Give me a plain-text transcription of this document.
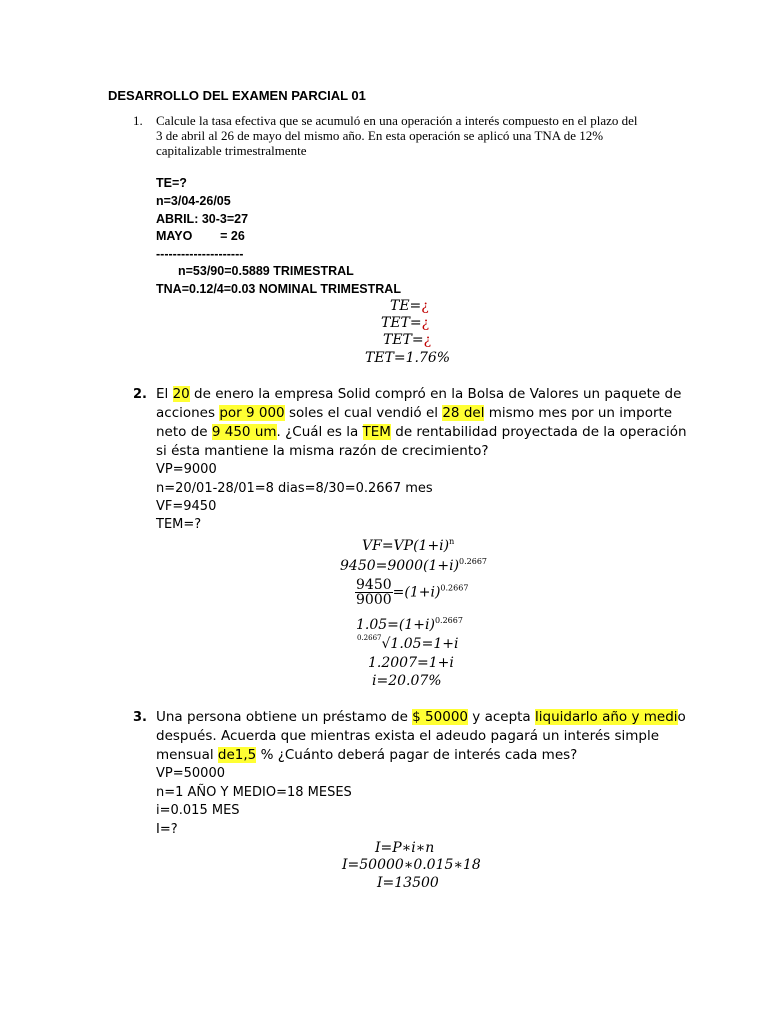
DESARROLLO DEL EXAMEN PARCIAL 01
1. Calcule la tasa efectiva que se acumuló en una operación a interés compuesto en el plazo del
3 de abril al 26 de mayo del mismo año. En esta operación se aplicó una TNA de 12%
capitalizable trimestralmente
TE=?
n=3/04-26/05
ABRIL: 30-3=27
MAYO        = 26
---------------------
n=53/90=0.5889 TRIMESTRAL
TNA=0.12/4=0.03 NOMINAL TRIMESTRAL
TE=¿
TET=¿
TET=¿
TET=1.76%
2. El 20 de enero la empresa Solid compró en la Bolsa de Valores un paquete de
acciones por 9 000 soles el cual vendió el 28 del mismo mes por un importe
neto de 9 450 um. ¿Cuál es la TEM de rentabilidad proyectada de la operación
si ésta mantiene la misma razón de crecimiento?
VP=9000
n=20/01-28/01=8 dias=8/30=0.2667 mes
VF=9450
TEM=?
$VF=VP(1+i)^n$
$9450=9000(1+i)^{0.2667}$
$\frac{9450}{9000} =(1+i)^{0.2667}$
$1.05=(1+i)^{0.2667}$
$^{0.2667}$√1.05=1+i
1.2007=1+i
i=20.07%
3. Una persona obtiene un préstamo de $ 50000 y acepta liquidarlo año y medio
después. Acuerda que mientras exista el adeudo pagará un interés simple
mensual de1,5 % ¿Cuánto deberá pagar de interés cada mes?
VP=50000
n=1 AÑO Y MEDIO=18 MESES
i=0.015 MES
I=?
I=P∗i∗n
I=50000∗0.015∗18
I=13500
